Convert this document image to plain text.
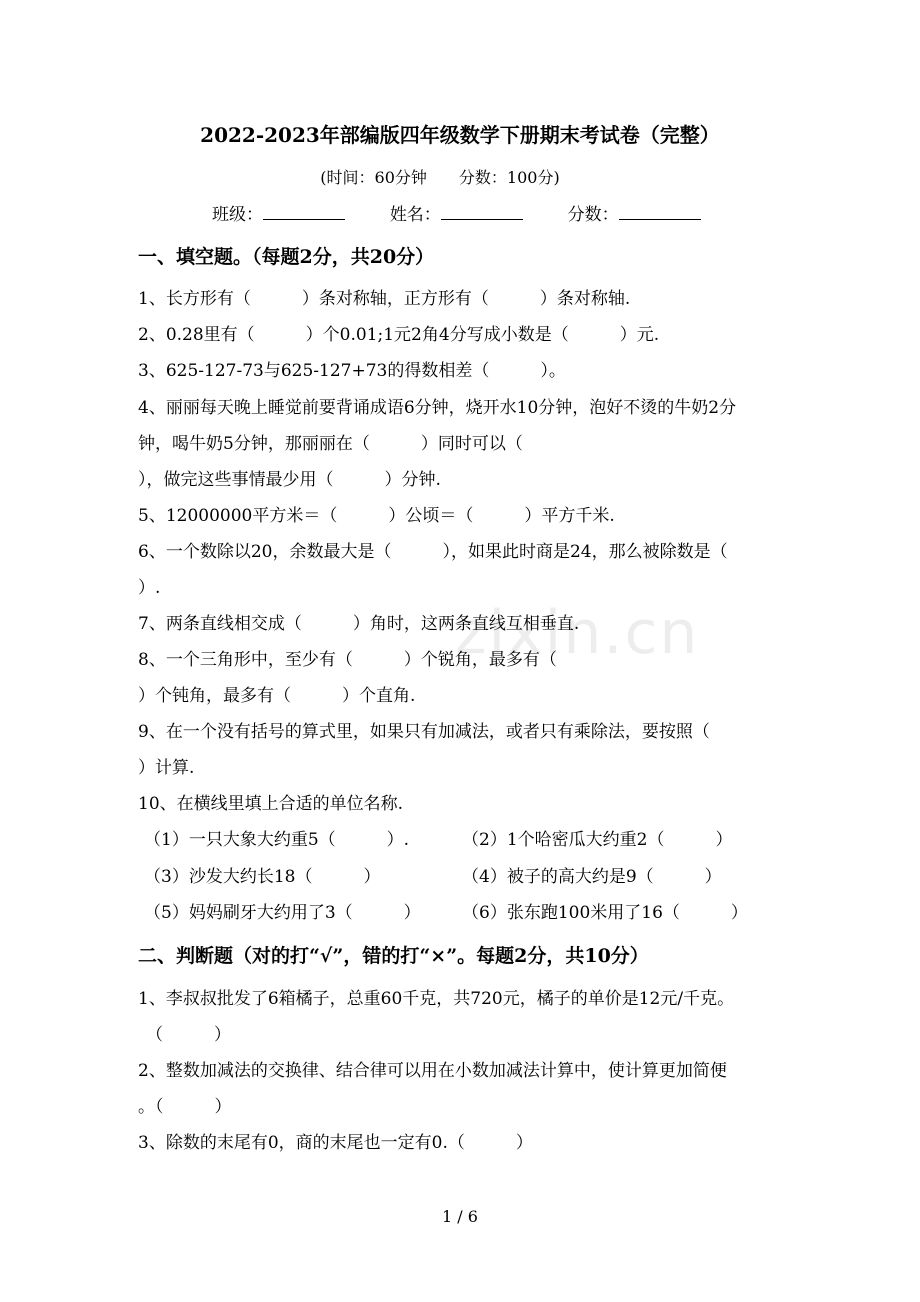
2022-2023年部编版四年级数学下册期末考试卷（完整）
(时间：60分钟　　分数：100分)
班级：	姓名：	分数：
一、填空题。（每题2分，共20分）
1、长方形有（　　　）条对称轴，正方形有（　　　）条对称轴.
2、0.28里有（　　　）个0.01;1元2角4分写成小数是（　　　）元.
3、625-127-73与625-127+73的得数相差（　　　）。
4、丽丽每天晚上睡觉前要背诵成语6分钟，烧开水10分钟，泡好不烫的牛奶2分
钟，喝牛奶5分钟，那丽丽在（　　　）同时可以（
），做完这些事情最少用（　　　）分钟.
5、12000000平方米＝（　　　）公顷＝（　　　）平方千米.
6、一个数除以20，余数最大是（　　　），如果此时商是24，那么被除数是（
）.
7、两条直线相交成（　　　）角时，这两条直线互相垂直.
8、一个三角形中，至少有（　　　）个锐角，最多有（
）个钝角，最多有（　　　）个直角.
9、在一个没有括号的算式里，如果只有加减法，或者只有乘除法，要按照（
）计算.
10、在横线里填上合适的单位名称.
（1）一只大象大约重5（　　　）.	（2）1个哈密瓜大约重2（　　　）
（3）沙发大约长18（　　　）	（4）被子的高大约是9（　　　）
（5）妈妈刷牙大约用了3（　　　） （6）张东跑100米用了16（　　　）
二、判断题（对的打“√”，错的打“×”。每题2分，共10分）
1、李叔叔批发了6箱橘子，总重60千克，共720元，橘子的单价是12元/千克。
（　　　）
2、整数加减法的交换律、结合律可以用在小数加减法计算中，使计算更加简便
。（　　　）
3、除数的末尾有0，商的末尾也一定有0.（　　　）
zixin.cn
1 / 6
